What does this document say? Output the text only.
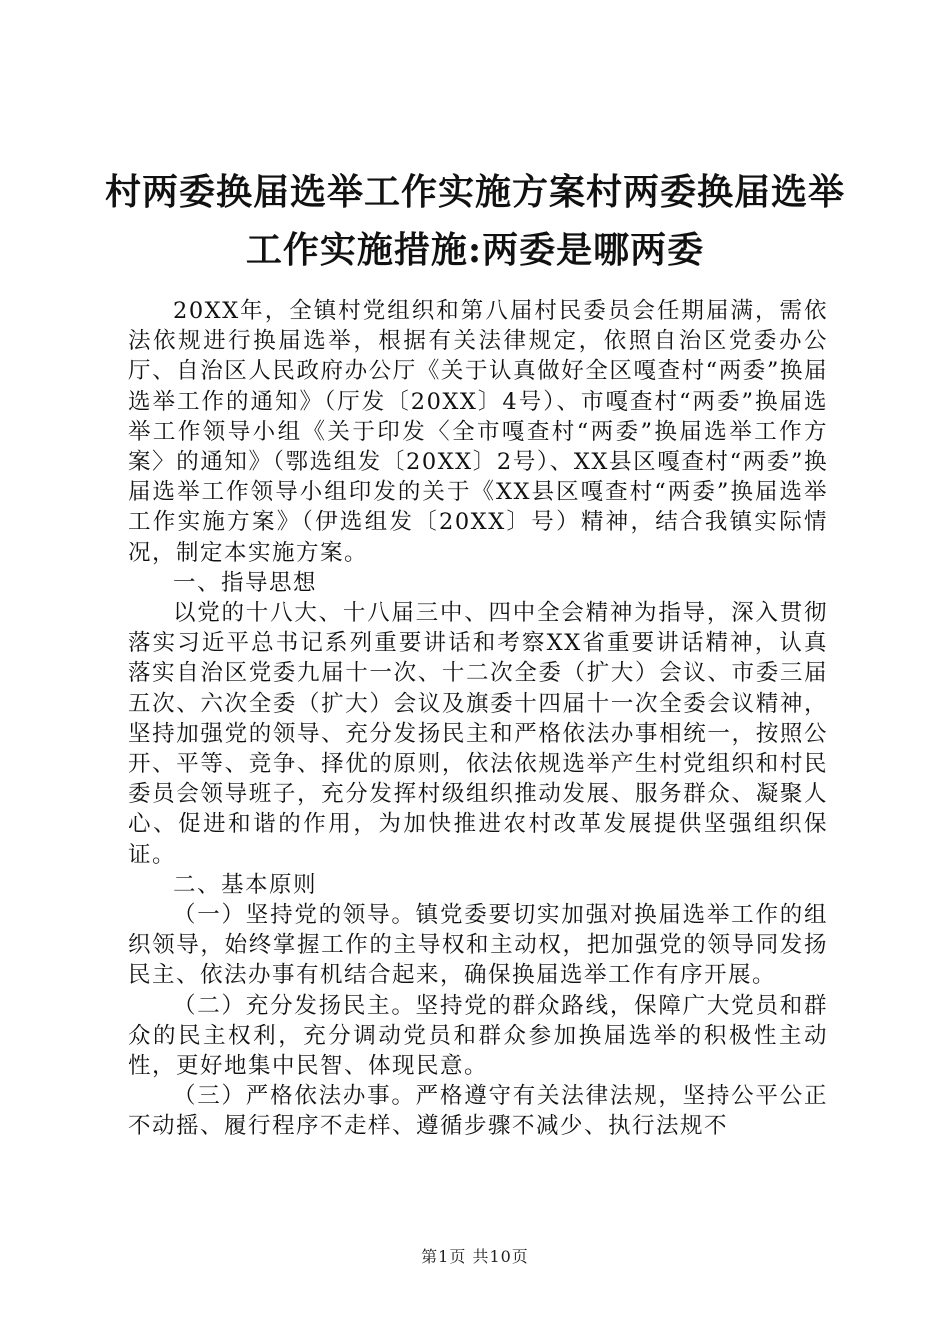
村两委换届选举工作实施方案村两委换届选举
工作实施措施:两委是哪两委

20XX年，全镇村党组织和第八届村民委员会任期届满，需依法依规进行换届选举，根据有关法律规定，依照自治区党委办公厅、自治区人民政府办公厅《关于认真做好全区嘎查村“两委”换届选举工作的通知》（厅发〔20XX〕4号）、市嘎查村“两委”换届选举工作领导小组《关于印发〈全市嘎查村“两委”换届选举工作方案〉的通知》（鄂选组发〔20XX〕2号）、XX县区嘎查村“两委”换届选举工作领导小组印发的关于《XX县区嘎查村“两委”换届选举工作实施方案》（伊选组发〔20XX〕号）精神，结合我镇实际情况，制定本实施方案。

一、指导思想

以党的十八大、十八届三中、四中全会精神为指导，深入贯彻落实习近平总书记系列重要讲话和考察XX省重要讲话精神，认真落实自治区党委九届十一次、十二次全委（扩大）会议、市委三届五次、六次全委（扩大）会议及旗委十四届十一次全委会议精神，坚持加强党的领导、充分发扬民主和严格依法办事相统一，按照公开、平等、竞争、择优的原则，依法依规选举产生村党组织和村民委员会领导班子，充分发挥村级组织推动发展、服务群众、凝聚人心、促进和谐的作用，为加快推进农村改革发展提供坚强组织保证。

二、基本原则

（一）坚持党的领导。镇党委要切实加强对换届选举工作的组织领导，始终掌握工作的主导权和主动权，把加强党的领导同发扬民主、依法办事有机结合起来，确保换届选举工作有序开展。

（二）充分发扬民主。坚持党的群众路线，保障广大党员和群众的民主权利，充分调动党员和群众参加换届选举的积极性主动性，更好地集中民智、体现民意。

（三）严格依法办事。严格遵守有关法律法规，坚持公平公正不动摇、履行程序不走样、遵循步骤不减少、执行法规不

第1页 共10页
